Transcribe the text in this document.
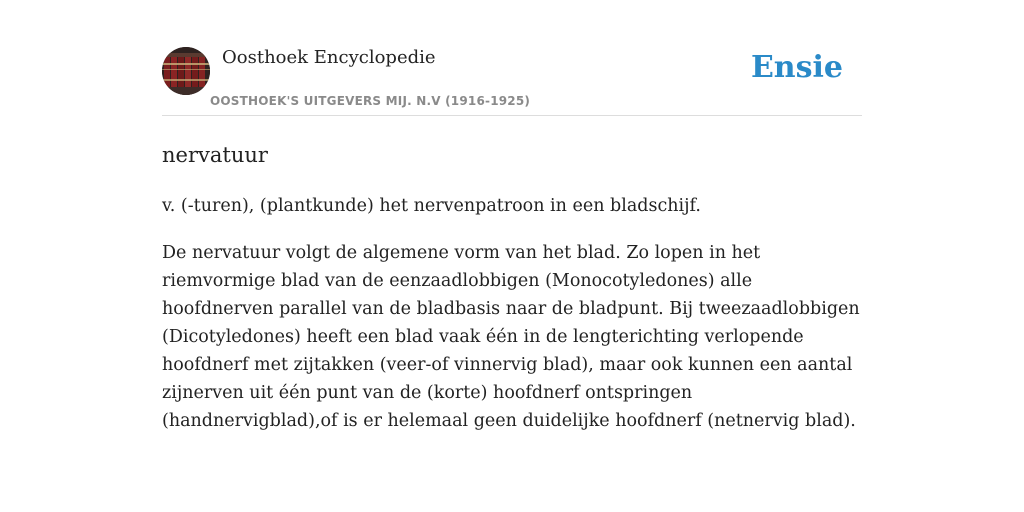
Oosthoek Encyclopedie
OOSTHOEK'S UITGEVERS MIJ. N.V (1916-1925)
Ensie
nervatuur

v. (-turen), (plantkunde) het nervenpatroon in een bladschijf.

De nervatuur volgt de algemene vorm van het blad. Zo lopen in het riemvormige blad van de eenzaadlobbigen (Monocotyledones) alle hoofdnerven parallel van de bladbasis naar de bladpunt. Bij tweezaadlobbigen (Dicotyledones) heeft een blad vaak één in de lengterichting verlopende hoofdnerf met zijtakken (veer-of vinnervig blad), maar ook kunnen een aantal zijnerven uit één punt van de (korte) hoofdnerf ontspringen (handnervigblad),of is er helemaal geen duidelijke hoofdnerf (netnervig blad).
